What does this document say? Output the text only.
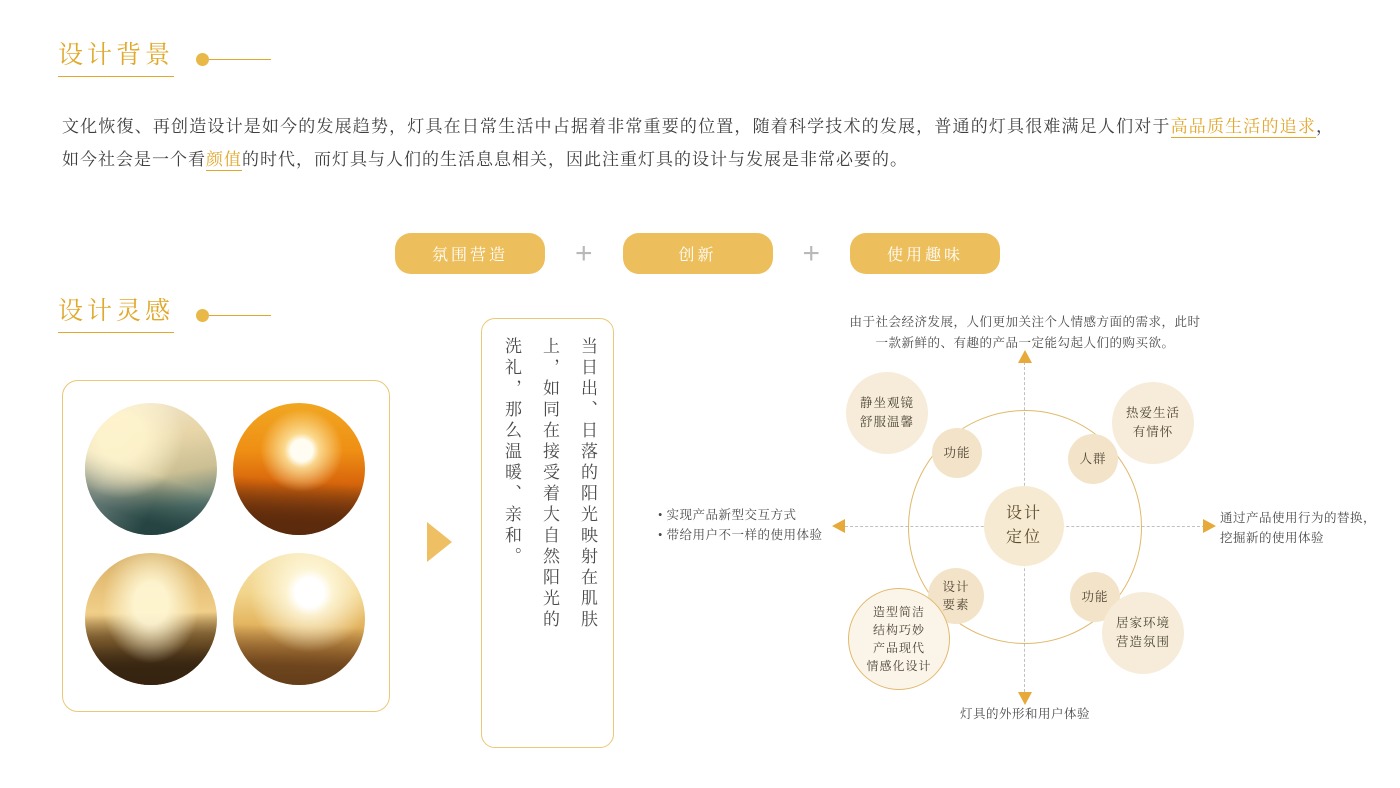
设计背景
文化恢復、再创造设计是如今的发展趋势，灯具在日常生活中占据着非常重要的位置，随着科学技术的发展，普通的灯具很难满足人们对于高品质生活的追求，如今社会是一个看颜值的时代，而灯具与人们的生活息息相关，因此注重灯具的设计与发展是非常必要的。
氛围营造	+	创新	+	使用趣味
设计灵感
当日出、日落的阳光映射在肌肤
上，如同在接受着大自然阳光的
洗礼，那么温暖、亲和。
由于社会经济发展，人们更加关注个人情感方面的需求，此时一款新鲜的、有趣的产品一定能勾起人们的购买欲。
设计
定位
功能	人群
设计
要素
功能
静坐观镜
舒服温馨
热爱生活
有情怀
居家环境
营造氛围
造型简洁
结构巧妙
产品现代
情感化设计
• 实现产品新型交互方式
• 带给用户不一样的使用体验
通过产品使用行为的替换，
挖掘新的使用体验
灯具的外形和用户体验
